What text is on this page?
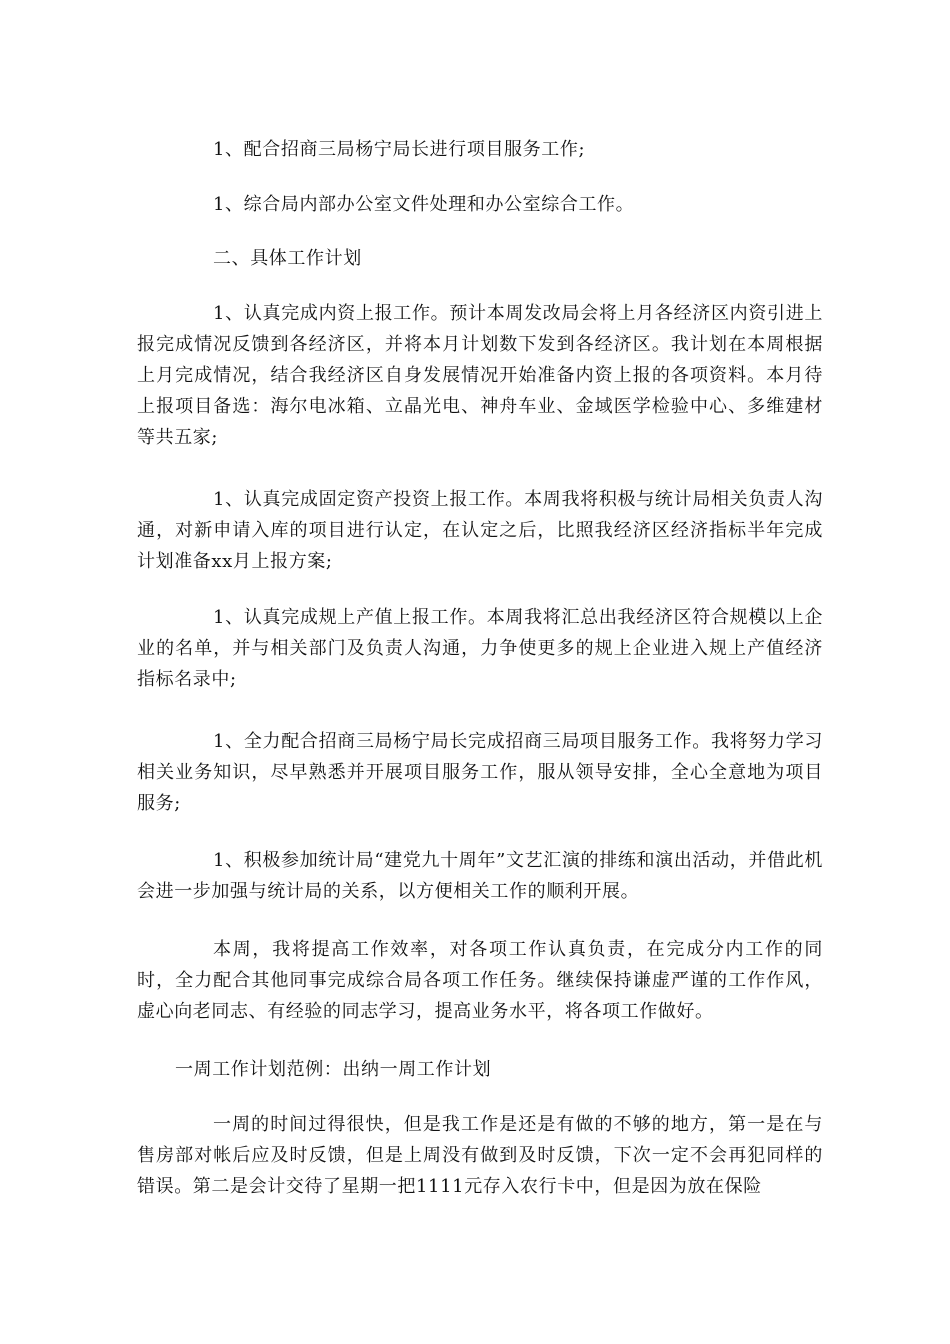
1、配合招商三局杨宁局长进行项目服务工作;

1、综合局内部办公室文件处理和办公室综合工作。

二、具体工作计划

1、认真完成内资上报工作。预计本周发改局会将上月各经济区内资引进上报完成情况反馈到各经济区，并将本月计划数下发到各经济区。我计划在本周根据上月完成情况，结合我经济区自身发展情况开始准备内资上报的各项资料。本月待上报项目备选：海尔电冰箱、立晶光电、神舟车业、金域医学检验中心、多维建材等共五家;

1、认真完成固定资产投资上报工作。本周我将积极与统计局相关负责人沟通，对新申请入库的项目进行认定，在认定之后，比照我经济区经济指标半年完成计划准备xx月上报方案;

1、认真完成规上产值上报工作。本周我将汇总出我经济区符合规模以上企业的名单，并与相关部门及负责人沟通，力争使更多的规上企业进入规上产值经济指标名录中;

1、全力配合招商三局杨宁局长完成招商三局项目服务工作。我将努力学习相关业务知识，尽早熟悉并开展项目服务工作，服从领导安排，全心全意地为项目服务;

1、积极参加统计局“建党九十周年”文艺汇演的排练和演出活动，并借此机会进一步加强与统计局的关系，以方便相关工作的顺利开展。

本周，我将提高工作效率，对各项工作认真负责，在完成分内工作的同时，全力配合其他同事完成综合局各项工作任务。继续保持谦虚严谨的工作作风，虚心向老同志、有经验的同志学习，提高业务水平，将各项工作做好。

一周工作计划范例：出纳一周工作计划

一周的时间过得很快，但是我工作是还是有做的不够的地方，第一是在与售房部对帐后应及时反馈，但是上周没有做到及时反馈，下次一定不会再犯同样的错误。第二是会计交待了星期一把1111元存入农行卡中，但是因为放在保险
